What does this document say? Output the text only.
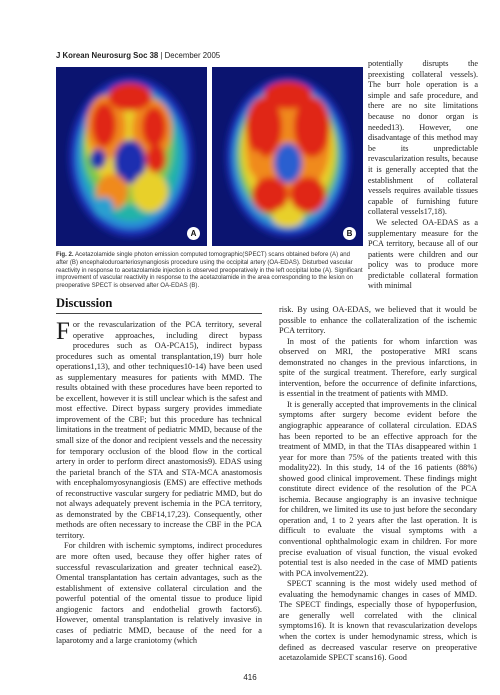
J Korean Neurosurg Soc 38 | December 2005
A	B

Fig. 2. Acetazolamide single photon emission computed tomographic(SPECT) scans obtained before (A) and after (B) encephaloduroarteriosynangiosis procedure using the occipital artery (OA-EDAS). Disturbed vascular reactivity in response to acetazolamide injection is observed preoperatively in the left occipital lobe (A). Significant improvement of vascular reactivity in response to the acetazolamide in the area corresponding to the lesion on preoperative SPECT is observed after OA-EDAS (B).

potentially disrupts the preexisting collateral vessels). The burr hole operation is a simple and safe procedure, and there are no site limitations because no donor organ is needed13). However, one disadvantage of this method may be its unpredictable revascularization results, because it is generally accepted that the establishment of collateral vessels requires available tissues capable of furnishing future collateral vessels17,18).

We selected OA-EDAS as a supplementary measure for the PCA territory, because all of our patients were children and our policy was to produce more predictable collateral formation with minimal

Discussion

For the revascularization of the PCA territory, several operative approaches, including direct bypass procedures such as OA-PCA15), indirect bypass procedures such as omental transplantation,19) burr hole operations1,13), and other techniques10-14) have been used as supplementary measures for patients with MMD. The results obtained with these procedures have been reported to be excellent, however it is still unclear which is the safest and most effective. Direct bypass surgery provides immediate improvement of the CBF; but this procedure has technical limitations in the treatment of pediatric MMD, because of the small size of the donor and recipient vessels and the necessity for temporary occlusion of the blood flow in the cortical artery in order to perform direct anastomosis9). EDAS using the parietal branch of the STA and STA-MCA anastomosis with encephalomyosynangiosis (EMS) are effective methods of reconstructive vascular surgery for pediatric MMD, but do not always adequately prevent ischemia in the PCA territory, as demonstrated by the CBF14,17,23). Consequently, other methods are often necessary to increase the CBF in the PCA territory.

For children with ischemic symptoms, indirect procedures are more often used, because they offer higher rates of successful revascularization and greater technical ease2). Omental transplantation has certain advantages, such as the establishment of extensive collateral circulation and the powerful potential of the omental tissue to produce lipid angiogenic factors and endothelial growth factors6). However, omental transplantation is relatively invasive in cases of pediatric MMD, because of the need for a laparotomy and a large craniotomy (which

risk. By using OA-EDAS, we believed that it would be possible to enhance the collateralization of the ischemic PCA territory.

In most of the patients for whom infarction was observed on MRI, the postoperative MRI scans demonstrated no changes in the previous infarctions, in spite of the surgical treatment. Therefore, early surgical intervention, before the occurrence of definite infarctions, is essential in the treatment of patients with MMD.

It is generally accepted that improvements in the clinical symptoms after surgery become evident before the angiographic appearance of collateral circulation. EDAS has been reported to be an effective approach for the treatment of MMD, in that the TIAs disappeared within 1 year for more than 75% of the patients treated with this modality22). In this study, 14 of the 16 patients (88%) showed good clinical improvement. These findings might constitute direct evidence of the resolution of the PCA ischemia. Because angiography is an invasive technique for children, we limited its use to just before the secondary operation and, 1 to 2 years after the last operation. It is difficult to evaluate the visual symptoms with a conventional ophthalmologic exam in children. For more precise evaluation of visual function, the visual evoked potential test is also needed in the case of MMD patients with PCA involvement22).

SPECT scanning is the most widely used method of evaluating the hemodynamic changes in cases of MMD. The SPECT findings, especially those of hypoperfusion, are generally well correlated with the clinical symptoms16). It is known that revascularization develops when the cortex is under hemodynamic stress, which is defined as decreased vascular reserve on preoperative acetazolamide SPECT scans16). Good

416
